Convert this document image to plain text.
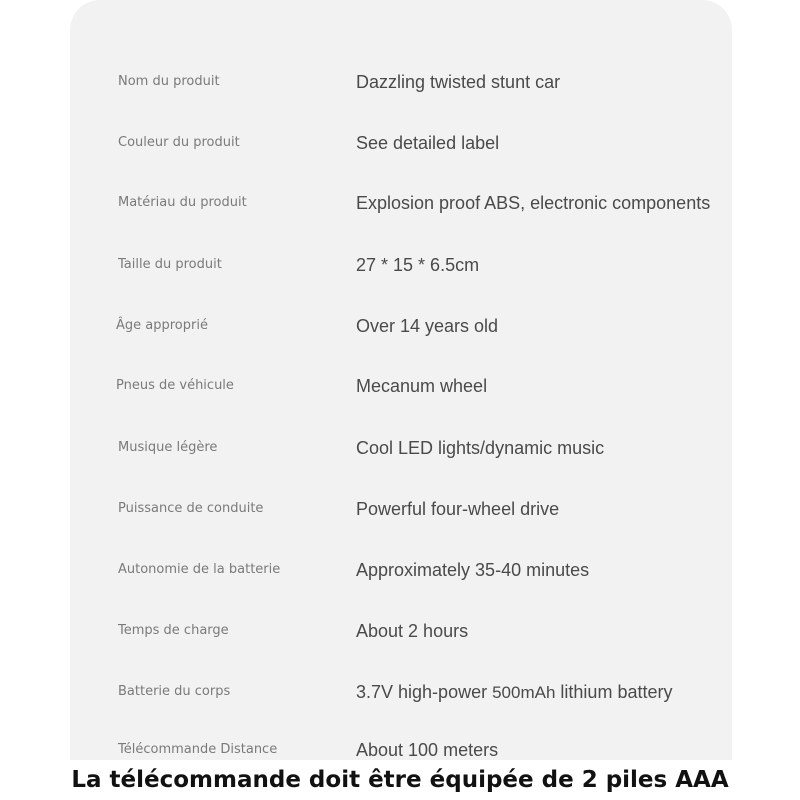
Nom du produit	Dazzling twisted stunt car
Couleur du produit	See detailed label
Matériau du produit	Explosion proof ABS, electronic components
Taille du produit	27 * 15 * 6.5cm
Âge approprié	Over 14 years old
Pneus de véhicule	Mecanum wheel
Musique légère	Cool LED lights/dynamic music
Puissance de conduite	Powerful four-wheel drive
Autonomie de la batterie	Approximately 35-40 minutes
Temps de charge	About 2 hours
Batterie du corps	3.7V high-power 500mAh lithium battery
Télécommande Distance	About 100 meters
La télécommande doit être équipée de 2 piles AAA
